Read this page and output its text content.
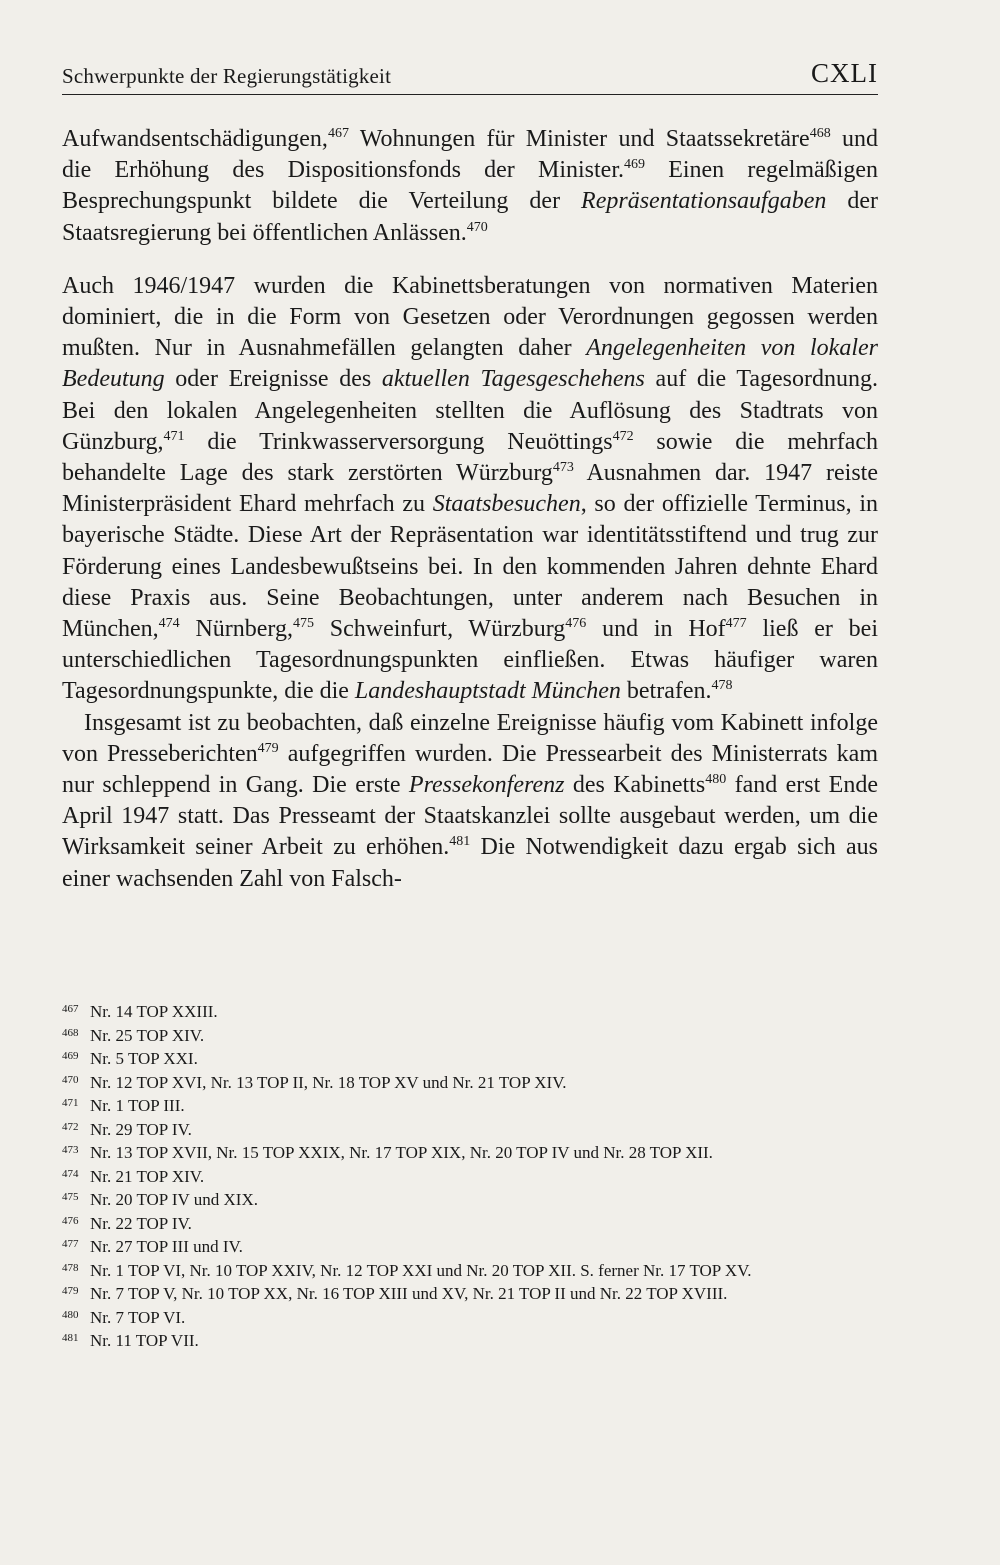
Schwerpunkte der Regierungstätigkeit	CXLI

Aufwandsentschädigungen,$^{467}$ Wohnungen für Minister und Staatssekretäre$^{468}$ und die Erhöhung des Dispositionsfonds der Minister.$^{469}$ Einen regelmäßigen Besprechungspunkt bildete die Verteilung der Repräsentationsaufgaben der Staatsregierung bei öffentlichen Anlässen.$^{470}$

Auch 1946/1947 wurden die Kabinettsberatungen von normativen Materien dominiert, die in die Form von Gesetzen oder Verordnungen gegossen werden mußten. Nur in Ausnahmefällen gelangten daher Angelegenheiten von lokaler Bedeutung oder Ereignisse des aktuellen Tagesgeschehens auf die Tagesordnung. Bei den lokalen Angelegenheiten stellten die Auflösung des Stadtrats von Günzburg,$^{471}$ die Trinkwasserversorgung Neuöttings$^{472}$ sowie die mehrfach behandelte Lage des stark zerstörten Würzburg$^{473}$ Ausnahmen dar. 1947 reiste Ministerpräsident Ehard mehrfach zu Staatsbesuchen, so der offizielle Terminus, in bayerische Städte. Diese Art der Repräsentation war identitätsstiftend und trug zur Förderung eines Landesbewußtseins bei. In den kommenden Jahren dehnte Ehard diese Praxis aus. Seine Beobachtungen, unter anderem nach Besuchen in München,$^{474}$ Nürnberg,$^{475}$ Schweinfurt, Würzburg$^{476}$ und in Hof$^{477}$ ließ er bei unterschiedlichen Tagesordnungspunkten einfließen. Etwas häufiger waren Tagesordnungspunkte, die die Landeshauptstadt München betrafen.$^{478}$

Insgesamt ist zu beobachten, daß einzelne Ereignisse häufig vom Kabinett infolge von Presseberichten$^{479}$ aufgegriffen wurden. Die Pressearbeit des Ministerrats kam nur schleppend in Gang. Die erste Pressekonferenz des Kabinetts$^{480}$ fand erst Ende April 1947 statt. Das Presseamt der Staatskanzlei sollte ausgebaut werden, um die Wirksamkeit seiner Arbeit zu erhöhen.$^{481}$ Die Notwendigkeit dazu ergab sich aus einer wachsenden Zahl von Falsch-

467 Nr. 14 TOP XXIII.
468 Nr. 25 TOP XIV.
469 Nr. 5 TOP XXI.
470 Nr. 12 TOP XVI, Nr. 13 TOP II, Nr. 18 TOP XV und Nr. 21 TOP XIV.
471 Nr. 1 TOP III.
472 Nr. 29 TOP IV.
473 Nr. 13 TOP XVII, Nr. 15 TOP XXIX, Nr. 17 TOP XIX, Nr. 20 TOP IV und Nr. 28 TOP XII.
474 Nr. 21 TOP XIV.
475 Nr. 20 TOP IV und XIX.
476 Nr. 22 TOP IV.
477 Nr. 27 TOP III und IV.
478 Nr. 1 TOP VI, Nr. 10 TOP XXIV, Nr. 12 TOP XXI und Nr. 20 TOP XII. S. ferner Nr. 17 TOP XV.
479 Nr. 7 TOP V, Nr. 10 TOP XX, Nr. 16 TOP XIII und XV, Nr. 21 TOP II und Nr. 22 TOP XVIII.
480 Nr. 7 TOP VI.
481 Nr. 11 TOP VII.
